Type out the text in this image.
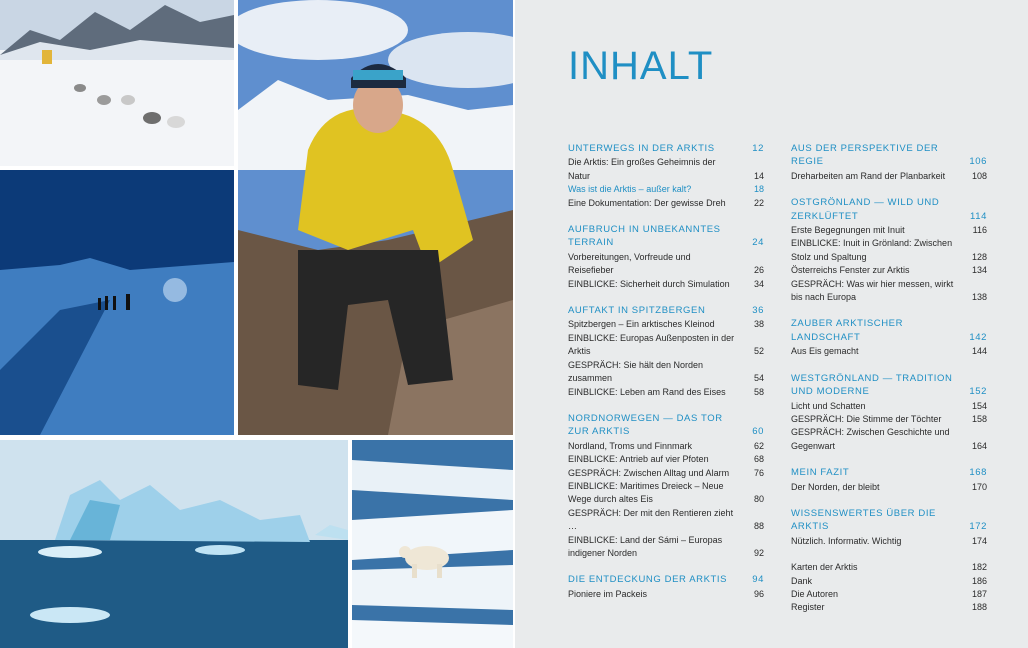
INHALT
UNTERWEGS IN DER ARKTIS	12
Die Arktis: Ein großes Geheimnis der Natur	14
Was ist die Arktis – außer kalt?	18
Eine Dokumentation: Der gewisse Dreh	22
AUFBRUCH IN UNBEKANNTES TERRAIN	24
Vorbereitungen, Vorfreude und Reisefieber	26
EINBLICKE: Sicherheit durch Simulation	34
AUFTAKT IN SPITZBERGEN	36
Spitzbergen – Ein arktisches Kleinod	38
EINBLICKE: Europas Außenposten in der Arktis	52
GESPRÄCH: Sie hält den Norden zusammen	54
EINBLICKE: Leben am Rand des Eises	58
NORDNORWEGEN — DAS TOR ZUR ARKTIS	60
Nordland, Troms und Finnmark	62
EINBLICKE: Antrieb auf vier Pfoten	68
GESPRÄCH: Zwischen Alltag und Alarm	76
EINBLICKE: Maritimes Dreieck – Neue Wege durch altes Eis	80
GESPRÄCH: Der mit den Rentieren zieht …	88
EINBLICKE: Land der Sámi – Europas indigener Norden	92
DIE ENTDECKUNG DER ARKTIS	94
Pioniere im Packeis	96
AUS DER PERSPEKTIVE DER REGIE	106
Dreharbeiten am Rand der Planbarkeit	108
OSTGRÖNLAND — WILD UND ZERKLÜFTET	114
Erste Begegnungen mit Inuit	116
EINBLICKE: Inuit in Grönland: Zwischen Stolz und Spaltung	128
Österreichs Fenster zur Arktis	134
GESPRÄCH: Was wir hier messen, wirkt bis nach Europa	138
ZAUBER ARKTISCHER LANDSCHAFT	142
Aus Eis gemacht	144
WESTGRÖNLAND — TRADITION UND MODERNE	152
Licht und Schatten	154
GESPRÄCH: Die Stimme der Töchter	158
GESPRÄCH: Zwischen Geschichte und Gegenwart	164
MEIN FAZIT	168
Der Norden, der bleibt	170
WISSENSWERTES ÜBER DIE ARKTIS	172
Nützlich. Informativ. Wichtig	174
Karten der Arktis	182
Dank	186
Die Autoren	187
Register	188
